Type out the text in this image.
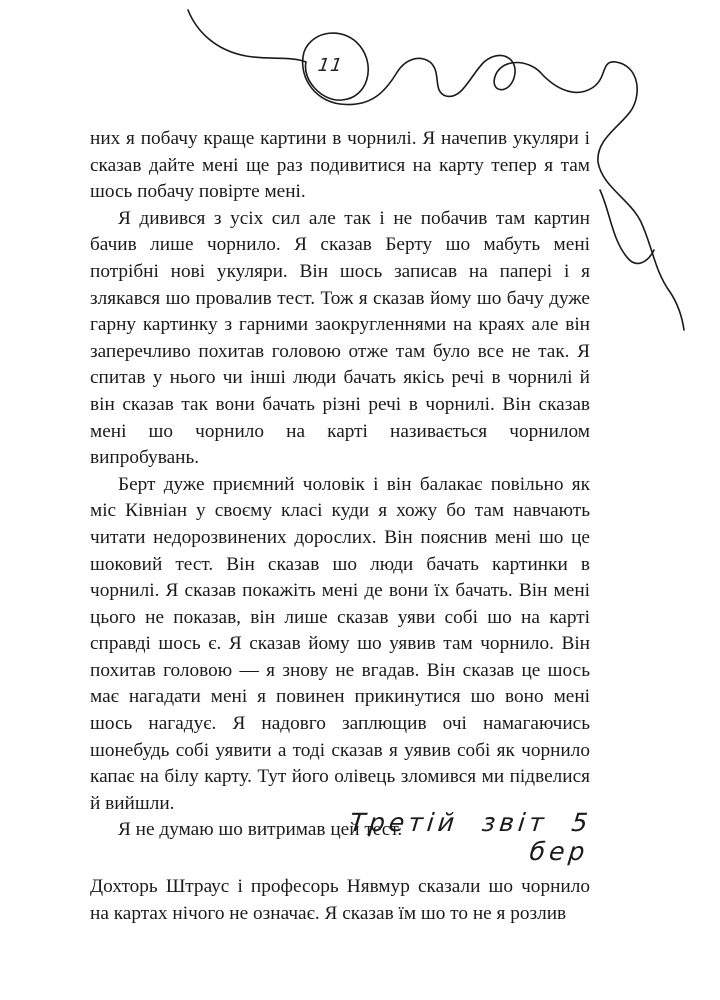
11

них я побачу краще картини в чорнилі. Я начепив укуляри і сказав дайте мені ще раз подивитися на карту тепер я там шось побачу повірте мені.

Я дивився з усіх сил але так і не побачив там картин бачив лише чорнило. Я сказав Берту шо мабуть мені потрібні нові укуляри. Він шось записав на папері і я злякався шо провалив тест. Тож я сказав йому шо бачу дуже гарну картинку з гарними заокругленнями на краях але він заперечливо похитав головою отже там було все не так. Я спитав у нього чи інші люди бачать якісь речі в чорнилі й він сказав так вони бачать різні речі в чорнилі. Він сказав мені шо чорнило на карті називається чорнилом випробувань.

Берт дуже приємний чоловік і він балакає повільно як міс Ківніан у своєму класі куди я хожу бо там навчають читати недорозвинених дорослих. Він пояснив мені шо це шоковий тест. Він сказав шо люди бачать картинки в чорнилі. Я сказав покажіть мені де вони їх бачать. Він мені цього не показав, він лише сказав уяви собі шо на карті справді шось є. Я сказав йому шо уявив там чорнило. Він похитав головою — я знову не вгадав. Він сказав це шось має нагадати мені я повинен прикинутися шо воно мені шось нагадує. Я надовго заплющив очі намагаючись шонебудь собі уявити а тоді сказав я уявив собі як чорнило капає на білу карту. Тут його олівець зломився ми підвелися й вийшли.

Я не думаю шо витримав цей тест.

Третій звіт 5 бер

Дохторь Штраус і професорь Нявмур сказали шо чорнило на картах нічого не означає. Я сказав їм шо то не я розлив
